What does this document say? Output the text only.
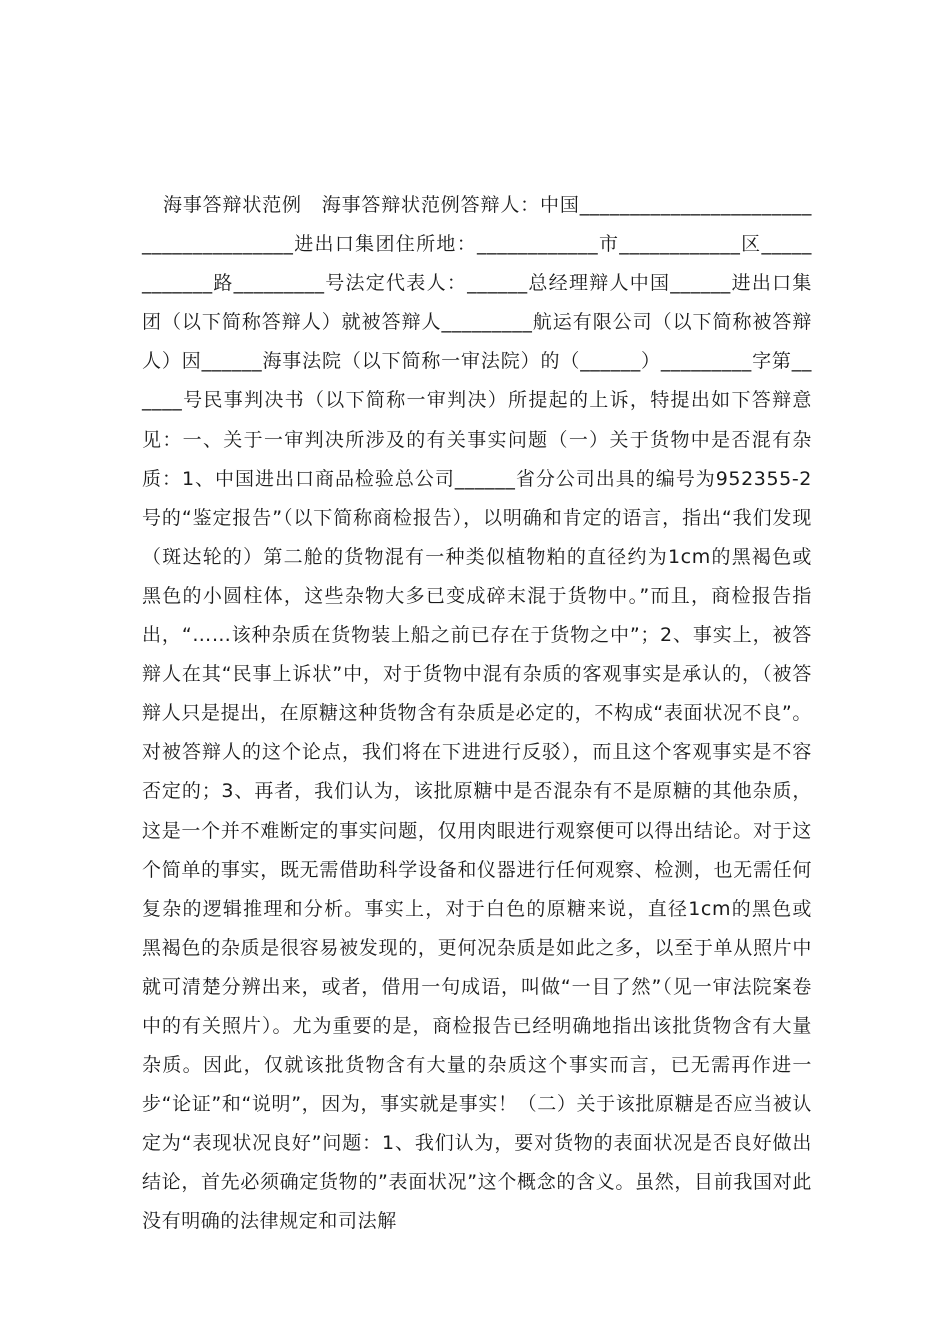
海事答辩状范例　海事答辩状范例答辩人：中国______________________________________进出口集团住所地：____________市____________区____________路_________号法定代表人：______总经理辩人中国______进出口集团（以下简称答辩人）就被答辩人_________航运有限公司（以下简称被答辩人）因______海事法院（以下简称一审法院）的（______）_________字第______号民事判决书（以下简称一审判决）所提起的上诉，特提出如下答辩意见：一、关于一审判决所涉及的有关事实问题（一）关于货物中是否混有杂质：1、中国进出口商品检验总公司______省分公司出具的编号为952355-2号的“鉴定报告”（以下简称商检报告），以明确和肯定的语言，指出“我们发现（斑达轮的）第二舱的货物混有一种类似植物粕的直径约为1cm的黑褐色或黑色的小圆柱体，这些杂物大多已变成碎末混于货物中。”而且，商检报告指出，“……该种杂质在货物装上船之前已存在于货物之中”；2、事实上，被答辩人在其“民事上诉状”中，对于货物中混有杂质的客观事实是承认的，（被答辩人只是提出，在原糖这种货物含有杂质是必定的，不构成“表面状况不良”。对被答辩人的这个论点，我们将在下进进行反驳），而且这个客观事实是不容否定的；3、再者，我们认为，该批原糖中是否混杂有不是原糖的其他杂质，这是一个并不难断定的事实问题，仅用肉眼进行观察便可以得出结论。对于这个简单的事实，既无需借助科学设备和仪器进行任何观察、检测，也无需任何复杂的逻辑推理和分析。事实上，对于白色的原糖来说，直径1cm的黑色或黑褐色的杂质是很容易被发现的，更何况杂质是如此之多，以至于单从照片中就可清楚分辨出来，或者，借用一句成语，叫做“一目了然”（见一审法院案卷中的有关照片）。尤为重要的是，商检报告已经明确地指出该批货物含有大量杂质。因此，仅就该批货物含有大量的杂质这个事实而言，已无需再作进一步“论证”和“说明”，因为，事实就是事实！（二）关于该批原糖是否应当被认定为“表现状况良好”问题：1、我们认为，要对货物的表面状况是否良好做出结论，首先必须确定货物的”表面状况”这个概念的含义。虽然，目前我国对此没有明确的法律规定和司法解
